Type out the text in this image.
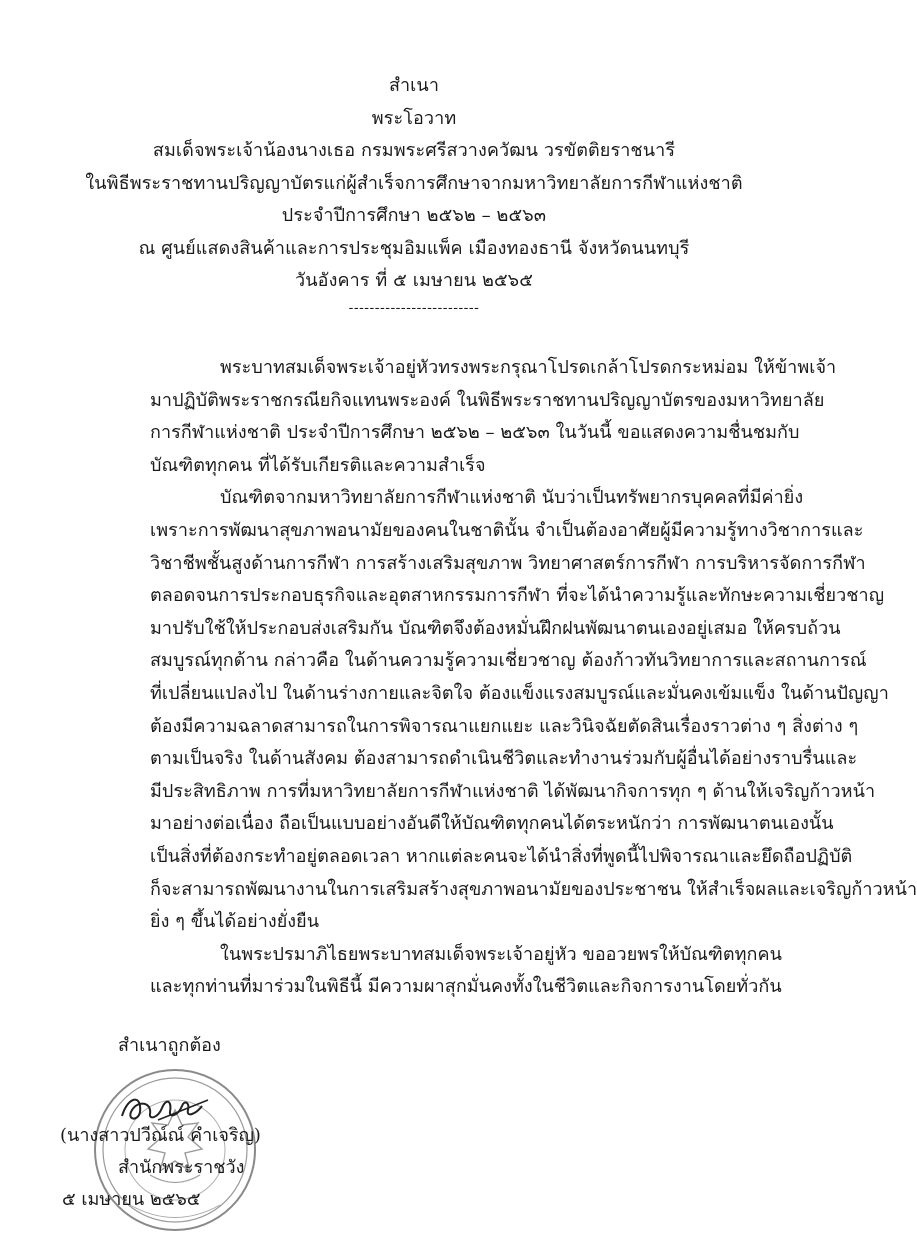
สำเนา
พระโอวาท
สมเด็จพระเจ้าน้องนางเธอ กรมพระศรีสวางควัฒน วรขัตติยราชนารี
ในพิธีพระราชทานปริญญาบัตรแก่ผู้สำเร็จการศึกษาจากมหาวิทยาลัยการกีฬาแห่งชาติ
ประจำปีการศึกษา ๒๕๖๒ – ๒๕๖๓
ณ ศูนย์แสดงสินค้าและการประชุมอิมแพ็ค เมืองทองธานี จังหวัดนนทบุรี
วันอังคาร ที่ ๕ เมษายน ๒๕๖๕
-------------------------
พระบาทสมเด็จพระเจ้าอยู่หัวทรงพระกรุณาโปรดเกล้าโปรดกระหม่อม ให้ข้าพเจ้า
มาปฏิบัติพระราชกรณียกิจแทนพระองค์ ในพิธีพระราชทานปริญญาบัตรของมหาวิทยาลัย
การกีฬาแห่งชาติ ประจำปีการศึกษา ๒๕๖๒ – ๒๕๖๓ ในวันนี้ ขอแสดงความชื่นชมกับ
บัณฑิตทุกคน ที่ได้รับเกียรติและความสำเร็จ
บัณฑิตจากมหาวิทยาลัยการกีฬาแห่งชาติ นับว่าเป็นทรัพยากรบุคคลที่มีค่ายิ่ง
เพราะการพัฒนาสุขภาพอนามัยของคนในชาตินั้น จำเป็นต้องอาศัยผู้มีความรู้ทางวิชาการและ
วิชาชีพชั้นสูงด้านการกีฬา การสร้างเสริมสุขภาพ วิทยาศาสตร์การกีฬา การบริหารจัดการกีฬา
ตลอดจนการประกอบธุรกิจและอุตสาหกรรมการกีฬา ที่จะได้นำความรู้และทักษะความเชี่ยวชาญ
มาปรับใช้ให้ประกอบส่งเสริมกัน บัณฑิตจึงต้องหมั่นฝึกฝนพัฒนาตนเองอยู่เสมอ ให้ครบถ้วน
สมบูรณ์ทุกด้าน กล่าวคือ ในด้านความรู้ความเชี่ยวชาญ ต้องก้าวทันวิทยาการและสถานการณ์
ที่เปลี่ยนแปลงไป ในด้านร่างกายและจิตใจ ต้องแข็งแรงสมบูรณ์และมั่นคงเข้มแข็ง ในด้านปัญญา
ต้องมีความฉลาดสามารถในการพิจารณาแยกแยะ และวินิจฉัยตัดสินเรื่องราวต่าง ๆ สิ่งต่าง ๆ
ตามเป็นจริง ในด้านสังคม ต้องสามารถดำเนินชีวิตและทำงานร่วมกับผู้อื่นได้อย่างราบรื่นและ
มีประสิทธิภาพ การที่มหาวิทยาลัยการกีฬาแห่งชาติ ได้พัฒนากิจการทุก ๆ ด้านให้เจริญก้าวหน้า
มาอย่างต่อเนื่อง ถือเป็นแบบอย่างอันดีให้บัณฑิตทุกคนได้ตระหนักว่า การพัฒนาตนเองนั้น
เป็นสิ่งที่ต้องกระทำอยู่ตลอดเวลา หากแต่ละคนจะได้นำสิ่งที่พูดนี้ไปพิจารณาและยึดถือปฏิบัติ
ก็จะสามารถพัฒนางานในการเสริมสร้างสุขภาพอนามัยของประชาชน ให้สำเร็จผลและเจริญก้าวหน้า
ยิ่ง ๆ ขึ้นได้อย่างยั่งยืน
ในพระปรมาภิไธยพระบาทสมเด็จพระเจ้าอยู่หัว ขออวยพรให้บัณฑิตทุกคน
และทุกท่านที่มาร่วมในพิธีนี้ มีความผาสุกมั่นคงทั้งในชีวิตและกิจการงานโดยทั่วกัน
สำเนาถูกต้อง
(นางสาวปวีณ์ณ์ คำเจริญ)
สำนักพระราชวัง
๕ เมษายน ๒๕๖๕
